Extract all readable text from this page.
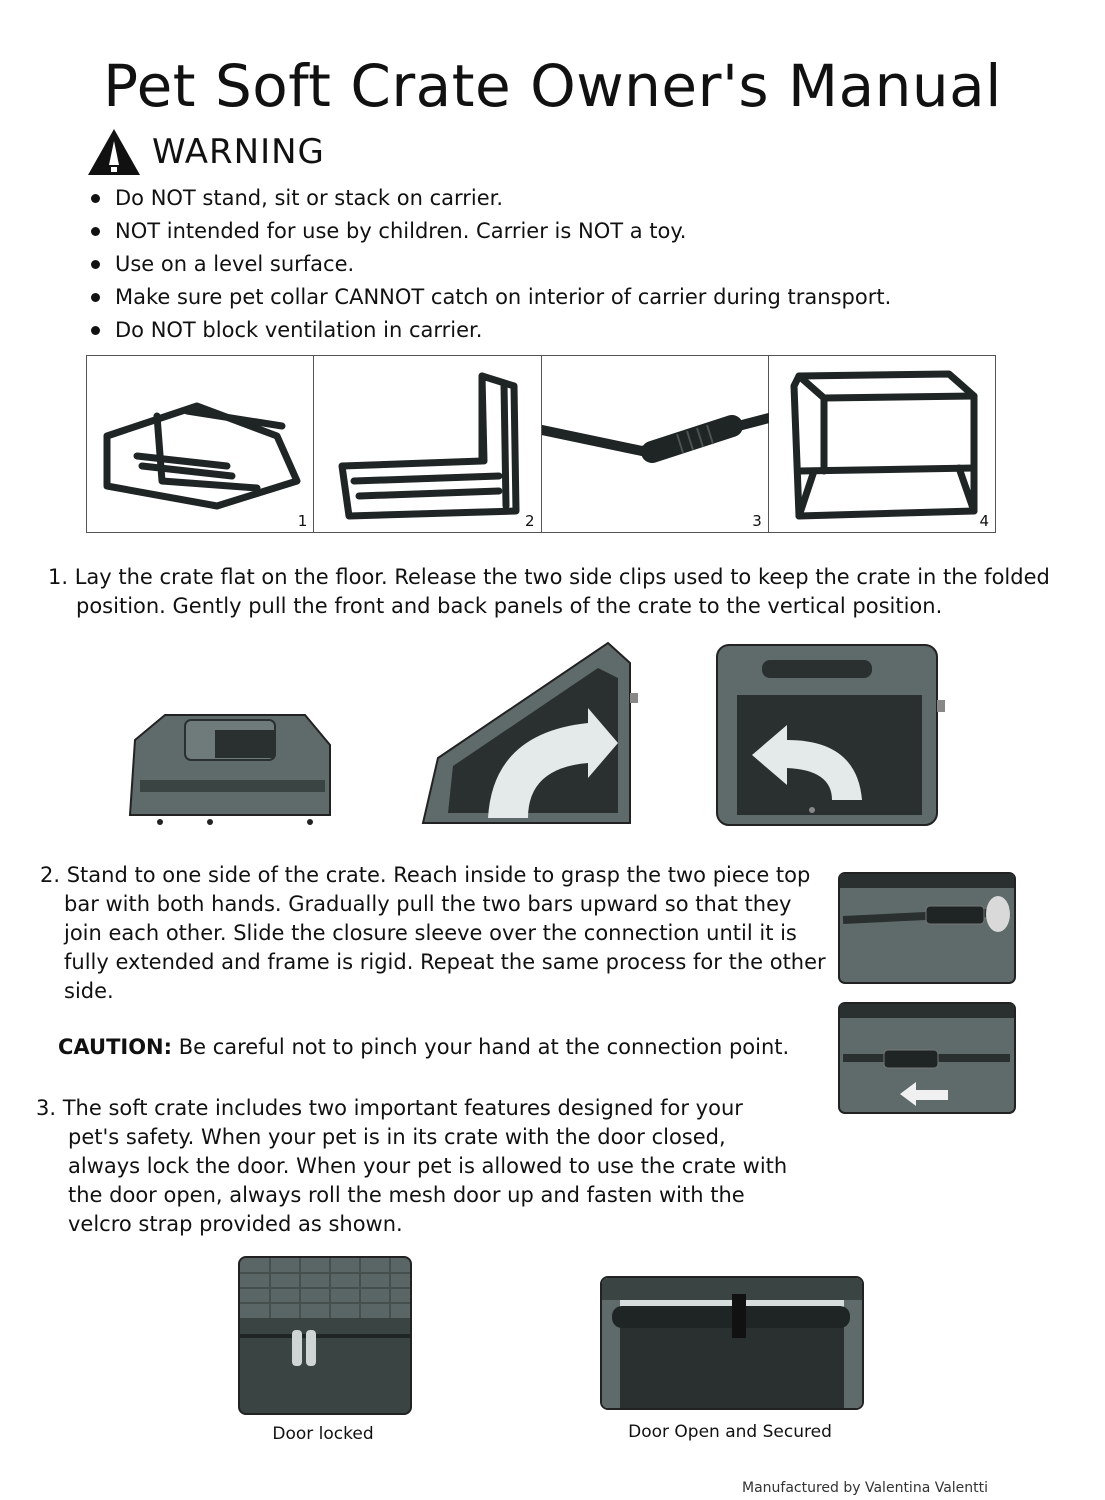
Pet Soft Crate Owner's Manual
WARNING
Do NOT stand, sit or stack on carrier.
NOT intended for use by children. Carrier is NOT a toy.
Use on a level surface.
Make sure pet collar CANNOT catch on interior of carrier during transport.
Do NOT block ventilation in carrier.
1	2	3	4
1. Lay the crate flat on the floor. Release the two side clips used to keep the crate in the folded position. Gently pull the front and back panels of the crate to the vertical position.
2. Stand to one side of the crate. Reach inside to grasp the two piece top bar with both hands. Gradually pull the two bars upward so that they join each other. Slide the closure sleeve over the connection until it is fully extended and frame is rigid. Repeat the same process for the other side.
CAUTION: Be careful not to pinch your hand at the connection point.
3. The soft crate includes two important features designed for your pet's safety. When your pet is in its crate with the door closed, always lock the door. When your pet is allowed to use the crate with the door open, always roll the mesh door up and fasten with the velcro strap provided as shown.
Door locked	Door Open and Secured
Manufactured by Valentina Valentti
